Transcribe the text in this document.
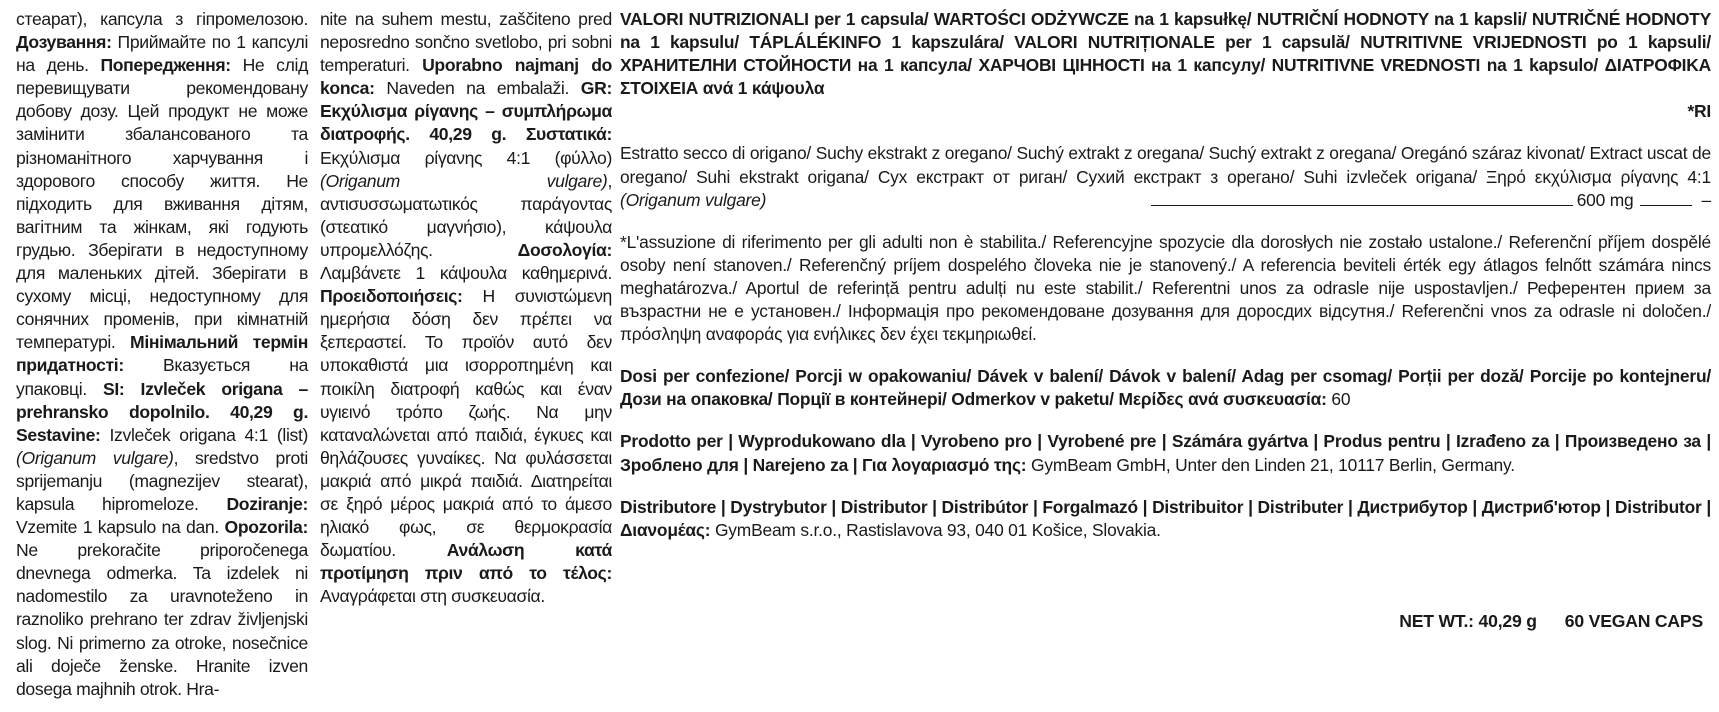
стеарат), капсула з гіпромелозою. Дозування: Приймайте по 1 капсулі на день. Попередження: Не слід перевищувати рекомендовану добову дозу. Цей продукт не може замінити збалансованого та різноманітного харчування і здорового способу життя. Не підходить для вживання дітям, вагітним та жінкам, які годують грудью. Зберігати в недоступному для маленьких дітей. Зберігати в сухому місці, недоступному для сонячних променів, при кімнатній температурі. Мінімальний термін придатності: Вказується на упаковці. SI: Izvleček origana – prehransko dopolnilo. 40,29 g. Sestavine: Izvleček origana 4:1 (list) (Origanum vulgare), sredstvo proti sprijemanju (magnezijev stearat), kapsula hipromeloze. Doziranje: Vzemite 1 kapsulo na dan. Opozorila: Ne prekoračite priporočenega dnevnega odmerka. Ta izdelek ni nadomestilo za uravnoteženo in raznoliko prehrano ter zdrav življenjski slog. Ni primerno za otroke, nosečnice ali doječe ženske. Hranite izven dosega majhnih otrok. Hra-

nite na suhem mestu, zaščiteno pred neposredno sončno svetlobo, pri sobni temperaturi. Uporabno najmanj do konca: Naveden na embalaži. GR: Εκχύλισμα ρίγανης – συμπλήρωμα διατροφής. 40,29 g. Συστατικά: Εκχύλισμα ρίγανης 4:1 (φύλλο) (Origanum vulgare), αντισυσσωματωτικός παράγοντας (στεατικό μαγνήσιο), κάψουλα υπρομελλόζης.	Δοσολογία: Λαμβάνετε 1 κάψουλα καθημερινά. Προειδοποιήσεις: Η συνιστώμενη ημερήσια δόση δεν πρέπει να ξεπεραστεί. Το προϊόν αυτό δεν υποκαθιστά μια ισορροπημένη και ποικίλη διατροφή καθώς και έναν υγιεινό τρόπο ζωής. Να μην καταναλώνεται από παιδιά, έγκυες και θηλάζουσες γυναίκες. Να φυλάσσεται μακριά από μικρά παιδιά. Διατηρείται σε ξηρό μέρος μακριά από το άμεσο ηλιακό φως, σε θερμοκρασία δωματίου.	Ανάλωση κατά προτίμηση πριν από το τέλος: Αναγράφεται στη συσκευασία.

VALORI NUTRIZIONALI per 1 capsula/ WARTOŚCI ODŻYWCZE na 1 kapsułkę/ NUTRIČNÍ HODNOTY na 1 kapsli/ NUTRIČNÉ HODNOTY na 1 kapsulu/ TÁPLÁLÉKINFO 1 kapszulára/ VALORI NUTRIȚIONALE per 1 capsulă/ NUTRITIVNE VRIJEDNOSTI po 1 kapsuli/ ХРАНИТЕЛНИ СТОЙНОСТИ на 1 капсула/ ХАРЧОВІ ЦІННОСТІ на 1 капсулу/ NUTRITIVNE VREDNOSTI na 1 kapsulo/ ΔΙΑΤΡΟΦΙΚΑ ΣΤΟΙΧΕΙΑ ανά 1 κάψουλα

*RI

Estratto secco di origano/ Suchy ekstrakt z oregano/ Suchý extrakt z oregana/ Suchý extrakt z oregana/ Oregánó száraz kivonat/ Extract uscat de oregano/ Suhi ekstrakt origana/ Сух екстракт от риган/ Сухий екстракт з орегано/ Suhi izvleček origana/ Ξηρό εκχύλισμα ρίγανης 4:1 (Origanum vulgare)	600 mg	–

*L'assuzione di riferimento per gli adulti non è stabilita./ Referencyjne spozycie dla dorosłych nie zostało ustalone./ Referenční příjem dospělé osoby není stanoven./ Referenčný príjem dospelého človeka nie je stanovený./ A referencia beviteli érték egy átlagos felnőtt számára nincs meghatározva./ Aportul de referință pentru adulți nu este stabilit./ Referentni unos za odrasle nije uspostavljen./ Референтен прием за възрастни не е установен./ Інформація про рекомендоване дозування для доросдих відсутня./ Referenčni vnos za odrasle ni določen./ πρόσληψη αναφοράς για ενήλικες δεν έχει τεκμηριωθεί.

Dosi per confezione/ Porcji w opakowaniu/ Dávek v balení/ Dávok v balení/ Adag per csomag/ Porții per doză/ Porcije po kontejneru/ Дози на опаковка/ Порції в контейнері/ Odmerkov v paketu/ Μερίδες ανά συσκευασία: 60

Prodotto per | Wyprodukowano dla | Vyrobeno pro | Vyrobené pre | Számára gyártva | Produs pentru | Izrađeno za | Произведено за | Зроблено для | Narejeno za | Για λογαριασμό της: GymBeam GmbH, Unter den Linden 21, 10117 Berlin, Germany.

Distributore | Dystrybutor | Distributor | Distribútor | Forgalmazó | Distribuitor | Distributer | Дистрибутор | Дистриб'ютор | Distributor | Διανομέας: GymBeam s.r.o., Rastislavova 93, 040 01 Košice, Slovakia.

NET WT.: 40,29 g 60 VEGAN CAPS
